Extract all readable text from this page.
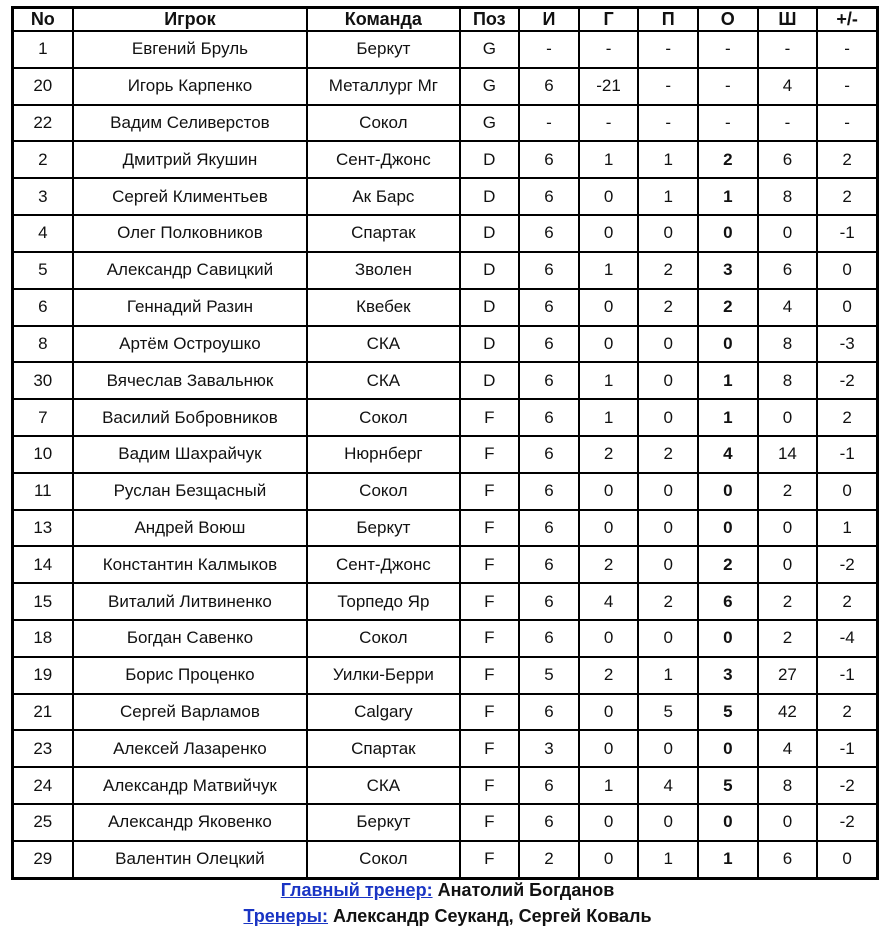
No	Игрок	Команда	Поз	И	Г	П	О	Ш	+/-
1	Евгений Бруль	Беркут	G	-	-	-	-	-	-
20	Игорь Карпенко	Металлург Мг	G	6	-21	-	-	4	-
22	Вадим Селиверстов	Сокол	G	-	-	-	-	-	-
2	Дмитрий Якушин	Сент-Джонс	D	6	1	1	2	6	2
3	Сергей Климентьев	Ак Барс	D	6	0	1	1	8	2
4	Олег Полковников	Спартак	D	6	0	0	0	0	-1
5	Александр Савицкий	Зволен	D	6	1	2	3	6	0
6	Геннадий Разин	Квебек	D	6	0	2	2	4	0
8	Артём Остроушко	СКА	D	6	0	0	0	8	-3
30	Вячеслав Завальнюк	СКА	D	6	1	0	1	8	-2
7	Василий Бобровников	Сокол	F	6	1	0	1	0	2
10	Вадим Шахрайчук	Нюрнберг	F	6	2	2	4	14	-1
11	Руслан Безщасный	Сокол	F	6	0	0	0	2	0
13	Андрей Воюш	Беркут	F	6	0	0	0	0	1
14	Константин Калмыков	Сент-Джонс	F	6	2	0	2	0	-2
15	Виталий Литвиненко	Торпедо Яр	F	6	4	2	6	2	2
18	Богдан Савенко	Сокол	F	6	0	0	0	2	-4
19	Борис Проценко	Уилки-Берри	F	5	2	1	3	27	-1
21	Сергей Варламов	Calgary	F	6	0	5	5	42	2
23	Алексей Лазаренко	Спартак	F	3	0	0	0	4	-1
24	Александр Матвийчук	СКА	F	6	1	4	5	8	-2
25	Александр Яковенко	Беркут	F	6	0	0	0	0	-2
29	Валентин Олецкий	Сокол	F	2	0	1	1	6	0
Главный тренер: Анатолий Богданов
Тренеры: Александр Сеуканд, Сергей Коваль
